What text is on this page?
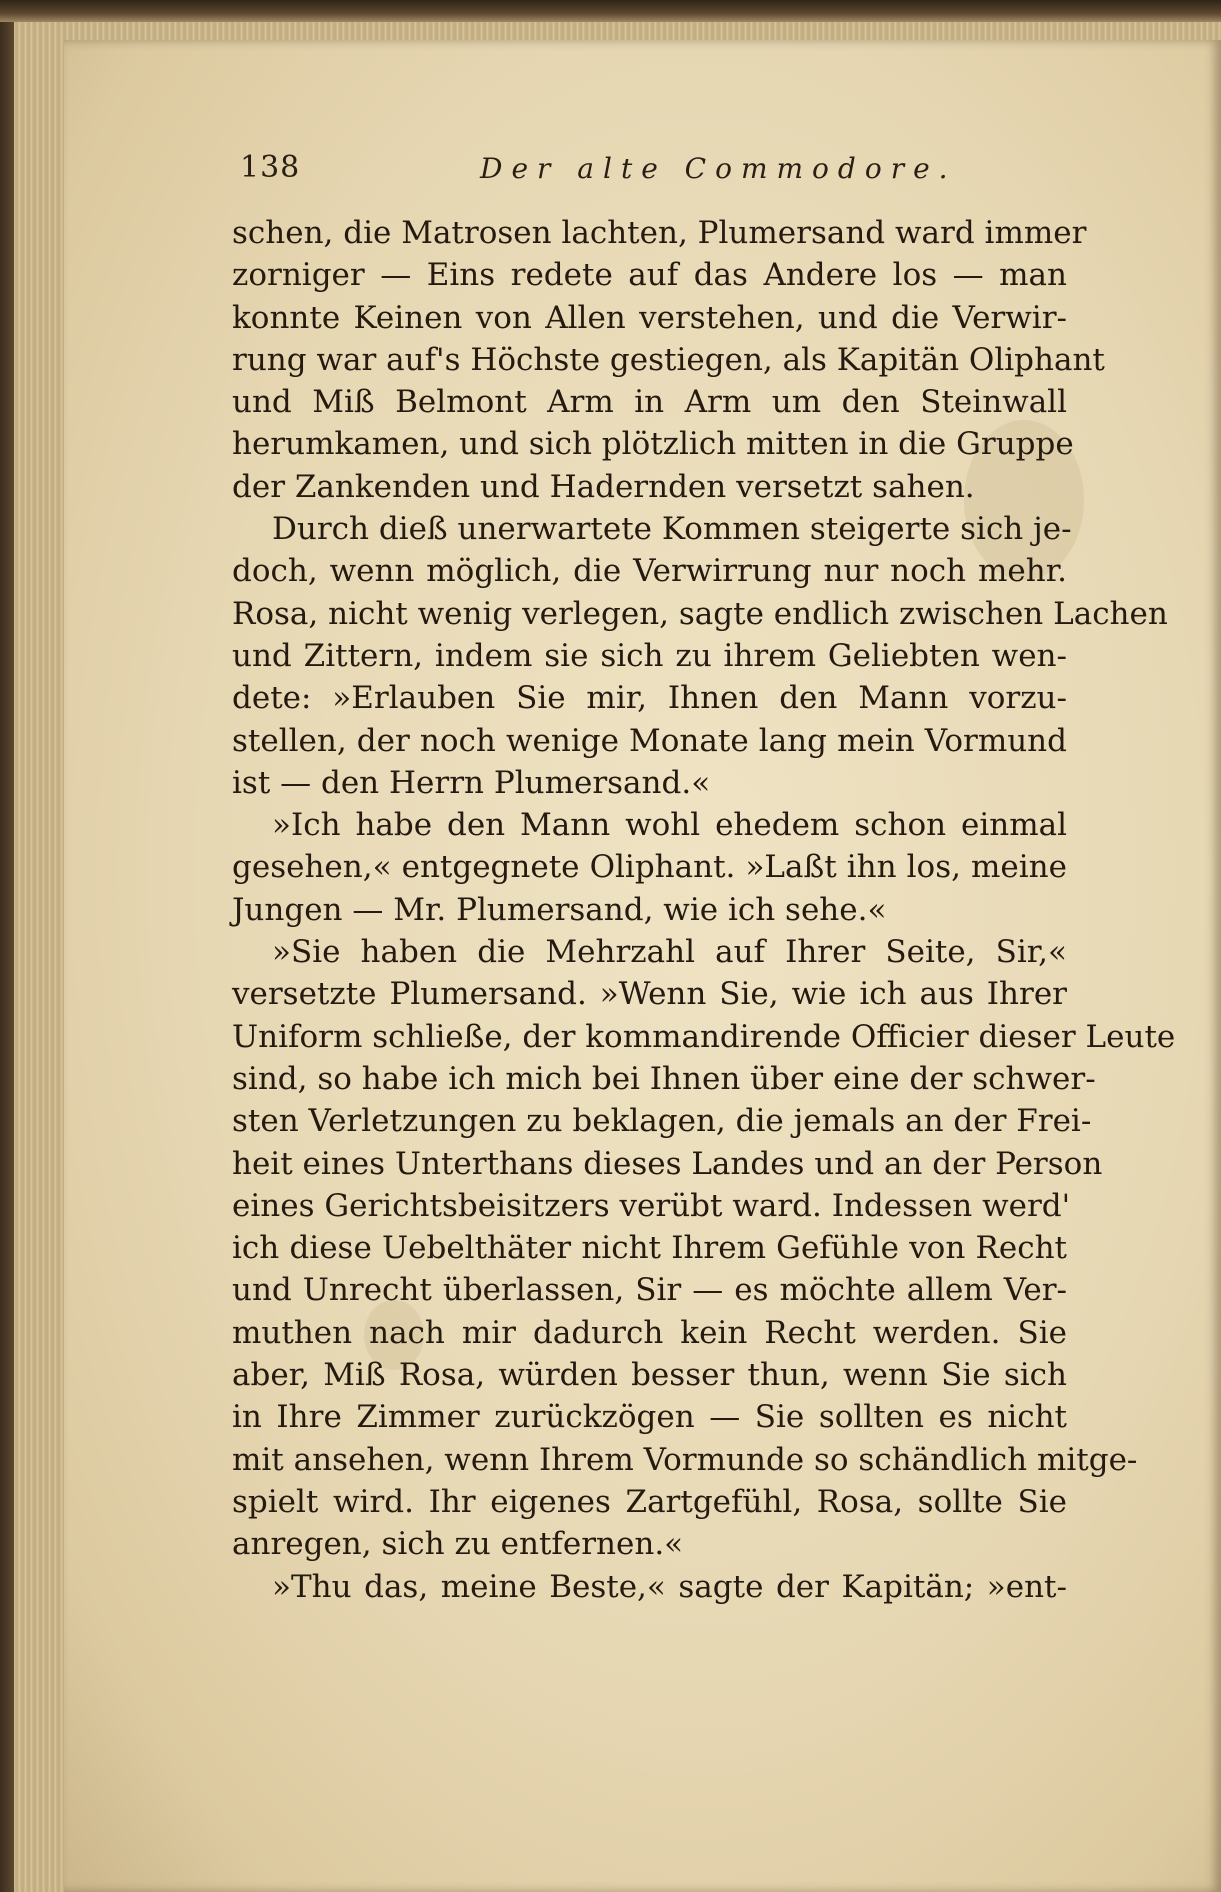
138	Der alte Commodore.
schen, die Matrosen lachten, Plumersand ward immer
zorniger — Eins redete auf das Andere los — man
konnte Keinen von Allen verstehen, und die Verwir-
rung war auf's Höchste gestiegen, als Kapitän Oliphant
und Miß Belmont Arm in Arm um den Steinwall
herumkamen, und sich plötzlich mitten in die Gruppe
der Zankenden und Hadernden versetzt sahen.
Durch dieß unerwartete Kommen steigerte sich je-
doch, wenn möglich, die Verwirrung nur noch mehr.
Rosa, nicht wenig verlegen, sagte endlich zwischen Lachen
und Zittern, indem sie sich zu ihrem Geliebten wen-
dete: »Erlauben Sie mir, Ihnen den Mann vorzu-
stellen, der noch wenige Monate lang mein Vormund
ist — den Herrn Plumersand.«
»Ich habe den Mann wohl ehedem schon einmal
gesehen,« entgegnete Oliphant. »Laßt ihn los, meine
Jungen — Mr. Plumersand, wie ich sehe.«
»Sie haben die Mehrzahl auf Ihrer Seite, Sir,«
versetzte Plumersand. »Wenn Sie, wie ich aus Ihrer
Uniform schließe, der kommandirende Officier dieser Leute
sind, so habe ich mich bei Ihnen über eine der schwer-
sten Verletzungen zu beklagen, die jemals an der Frei-
heit eines Unterthans dieses Landes und an der Person
eines Gerichtsbeisitzers verübt ward. Indessen werd'
ich diese Uebelthäter nicht Ihrem Gefühle von Recht
und Unrecht überlassen, Sir — es möchte allem Ver-
muthen nach mir dadurch kein Recht werden. Sie
aber, Miß Rosa, würden besser thun, wenn Sie sich
in Ihre Zimmer zurückzögen — Sie sollten es nicht
mit ansehen, wenn Ihrem Vormunde so schändlich mitge-
spielt wird. Ihr eigenes Zartgefühl, Rosa, sollte Sie
anregen, sich zu entfernen.«
»Thu das, meine Beste,« sagte der Kapitän; »ent-
